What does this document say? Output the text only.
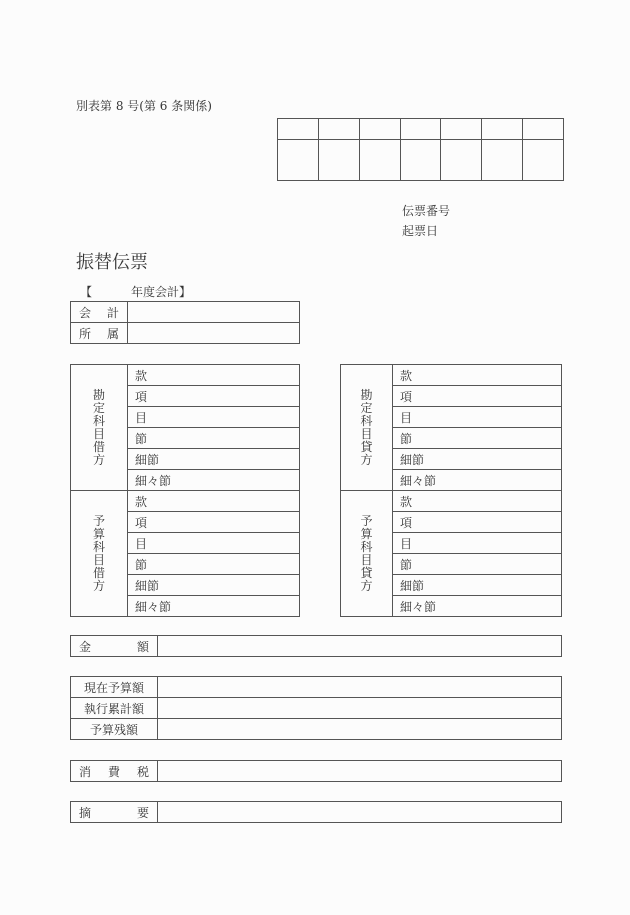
別表第 8 号(第 6 条関係)

伝票番号
起票日
振替伝票
【	年度会計】
会 計	

所 属	

勘
定
科
目
借
方
	款
	項
	目
	節
	細節
	細々節

予
算
科
目
借
方
	款
	項
	目
	節
	細節
	細々節
勘
定
科
目
貸
方
	款
	項
	目
	節
	細節
	細々節

予
算
科
目
貸
方
	款
	項
	目
	節
	細節
	細々節
金	額

現在予算額	
執行累計額	
予算残額	
消 費 税

摘	要
